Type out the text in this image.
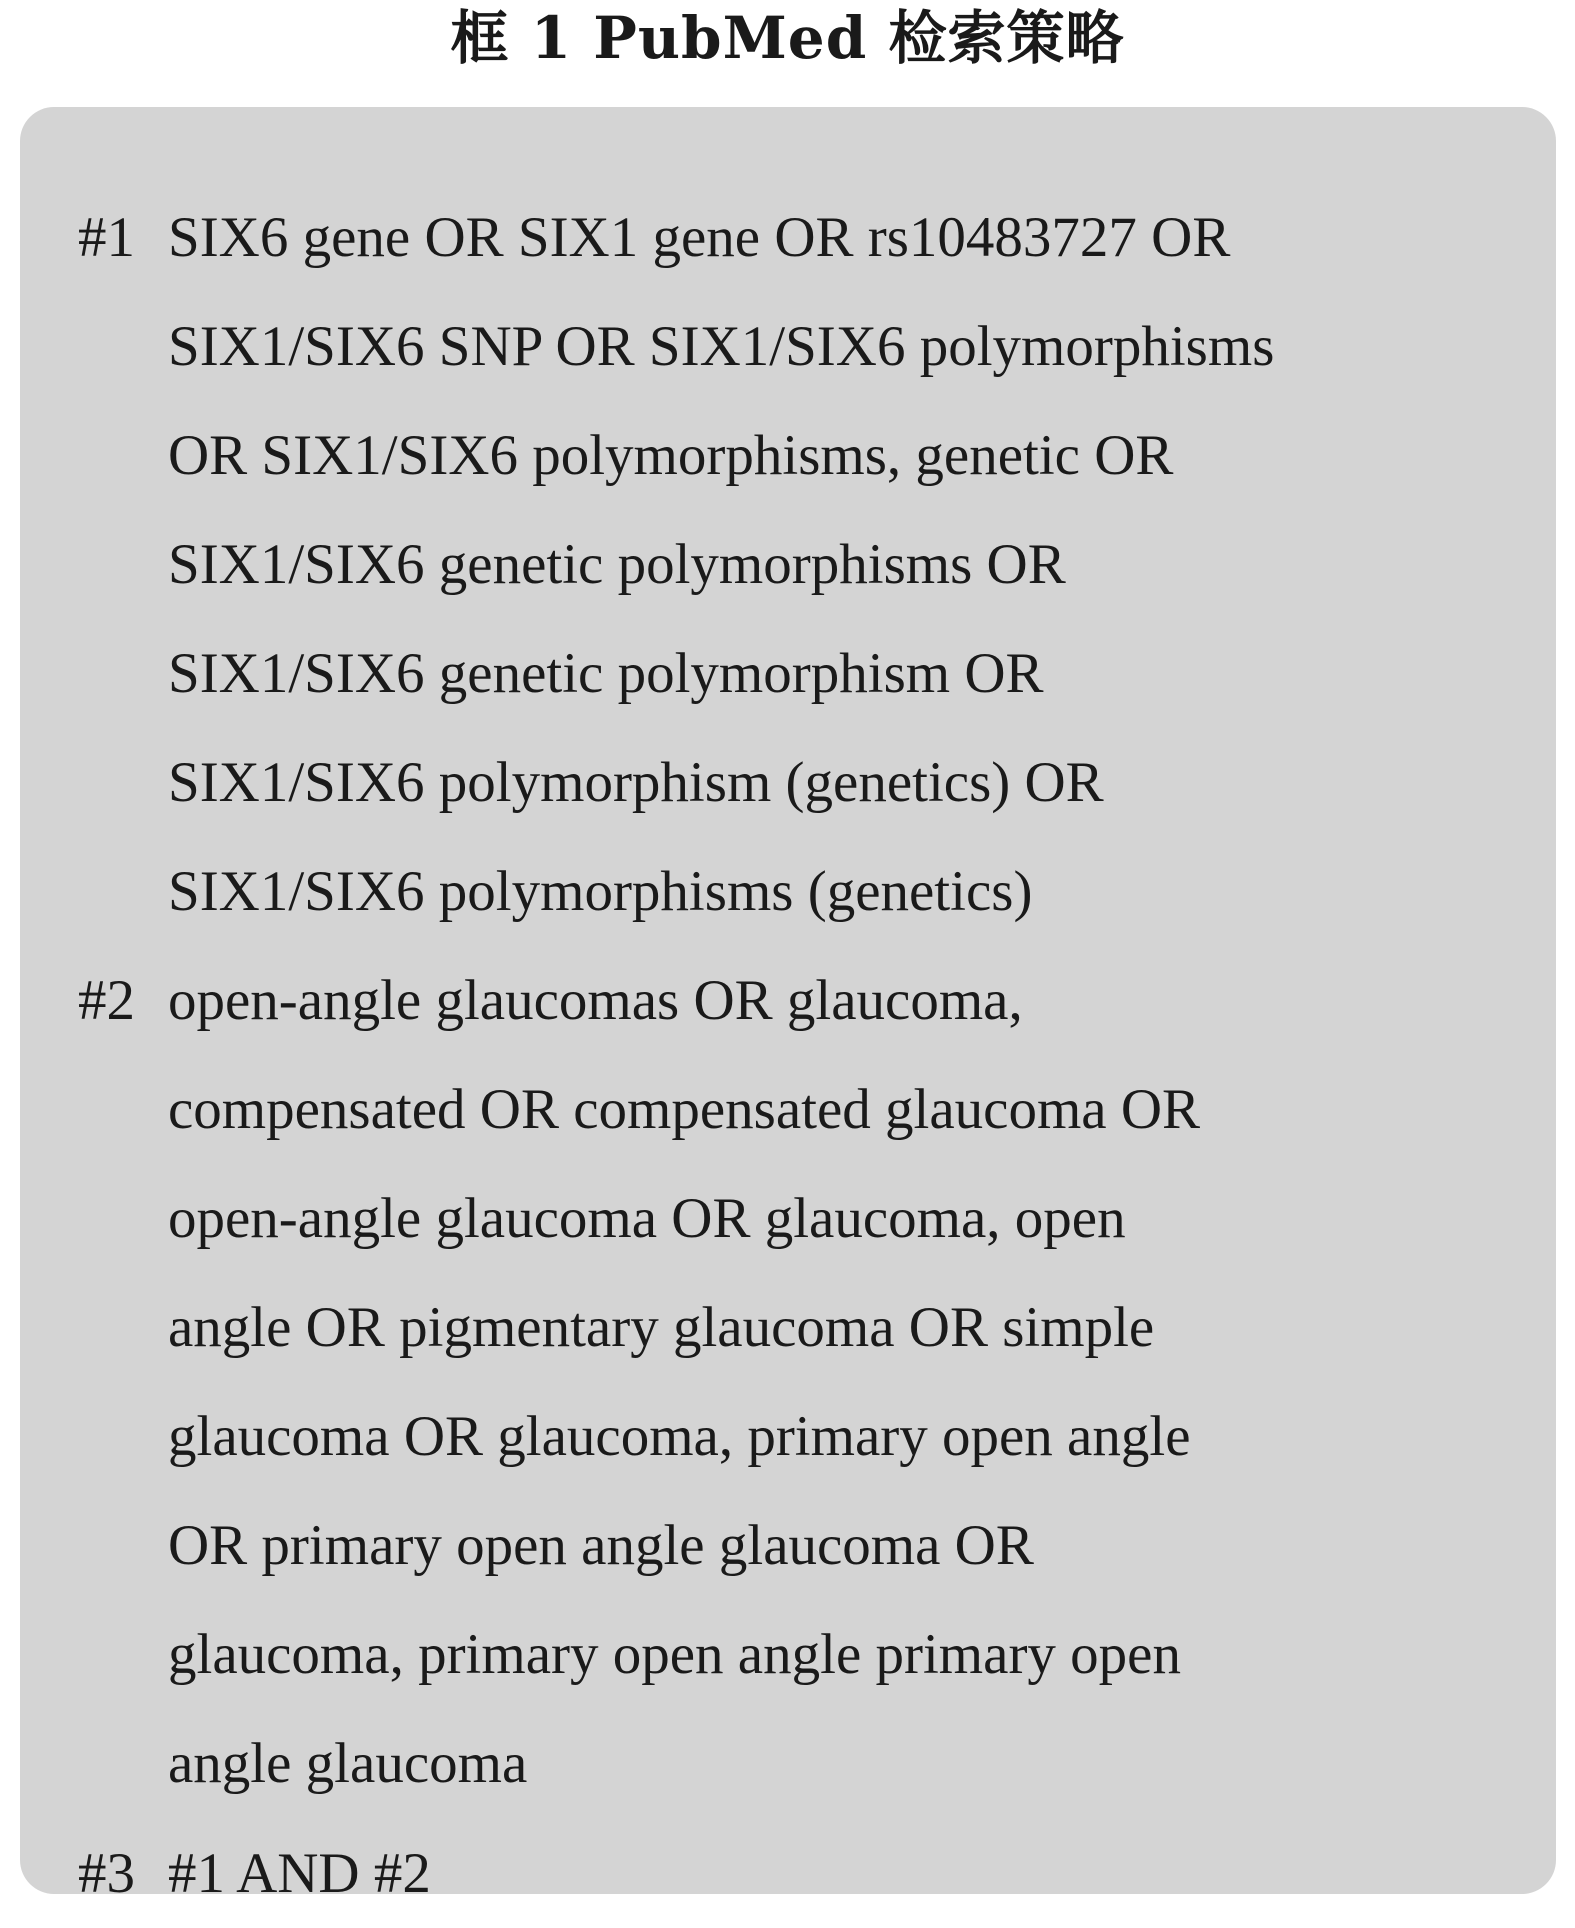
框 1 PubMed 检索策略
#1 SIX6 gene OR SIX1 gene OR rs10483727 OR
SIX1/SIX6 SNP OR SIX1/SIX6 polymorphisms
OR SIX1/SIX6 polymorphisms, genetic OR
SIX1/SIX6 genetic polymorphisms OR
SIX1/SIX6 genetic polymorphism OR
SIX1/SIX6 polymorphism (genetics) OR
SIX1/SIX6 polymorphisms (genetics)
#2 open-angle glaucomas OR glaucoma,
compensated OR compensated glaucoma OR
open-angle glaucoma OR glaucoma, open
angle OR pigmentary glaucoma OR simple
glaucoma OR glaucoma, primary open angle
OR primary open angle glaucoma OR
glaucoma, primary open angle primary open
angle glaucoma
#3 #1 AND #2
